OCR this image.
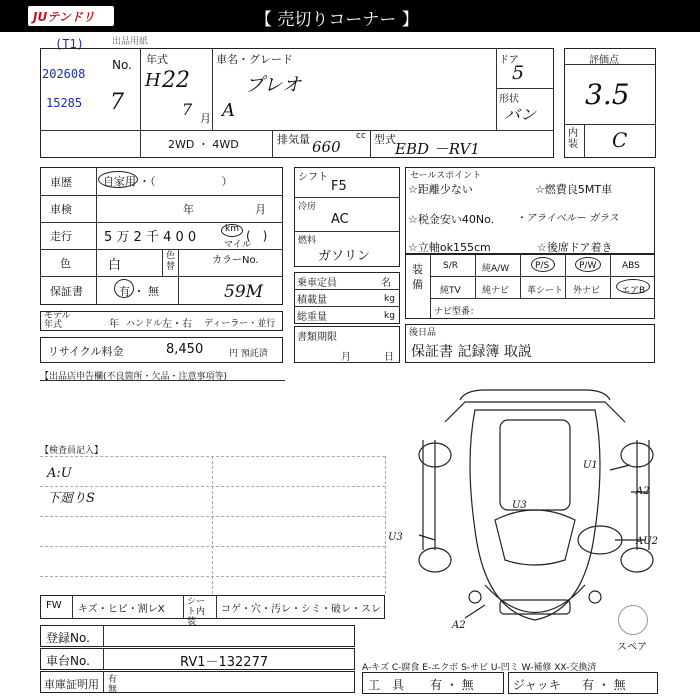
JUテンドリ	【 売切りコーナー 】
(T1)
202608
15285
出品用紙
No.
7
年式
H 22
7 月
車名・グレード
プレオ
A
ドア
5
形状
バン
2WD ・ 4WD	排気量	cc
660	型式
EBD －RV1
評価点
3.5
内装 C
車歴	自家用 ・（　　　　　　）
車検	年	月
走行 5 万 2 千 4 0 0
km
マイル
(　)
色	白
色替
カラーNo.
59M
保証書	有 ・ 無
モデル年式	年 ハンドル 左・右 ディーラー・並行
リサイクル料金	8,450	円 預託済
シフト
F5
冷房
AC
燃料
ガソリン
乗車定員	名
積載量	kg
総重量	kg
書類期限
月	日
セールスポイント
☆距離少ない	☆燃費良5MT車
☆税金安い40No. ・アライベルー ガラス
☆立軸ok155cm	☆後席ドア着き
装備
S/R	純A/W	P/S	P/W	ABS
純TV 純ナビ 革シート 外ナビ エアB
ナビ型番：
後日品
保証書 記録簿 取説
【出品店申告欄(不良箇所・欠品・注意事項等)
【検査員記入】
A:U
下廻りS
U1
A2
U3
U3	AU2
A2
スペア
FW キズ・ヒビ・割レX
シート内装
コゲ・穴・汚レ・シミ・破レ・スレ
登録No.
車台No.	RV1－132277
車庫証明用 有
無
A-キズ C-腐食 E-エクボ S-サビ U-凹ミ W-補修 XX-交換済
工　具 有 ・ 無	ジャッキ 有 ・ 無
